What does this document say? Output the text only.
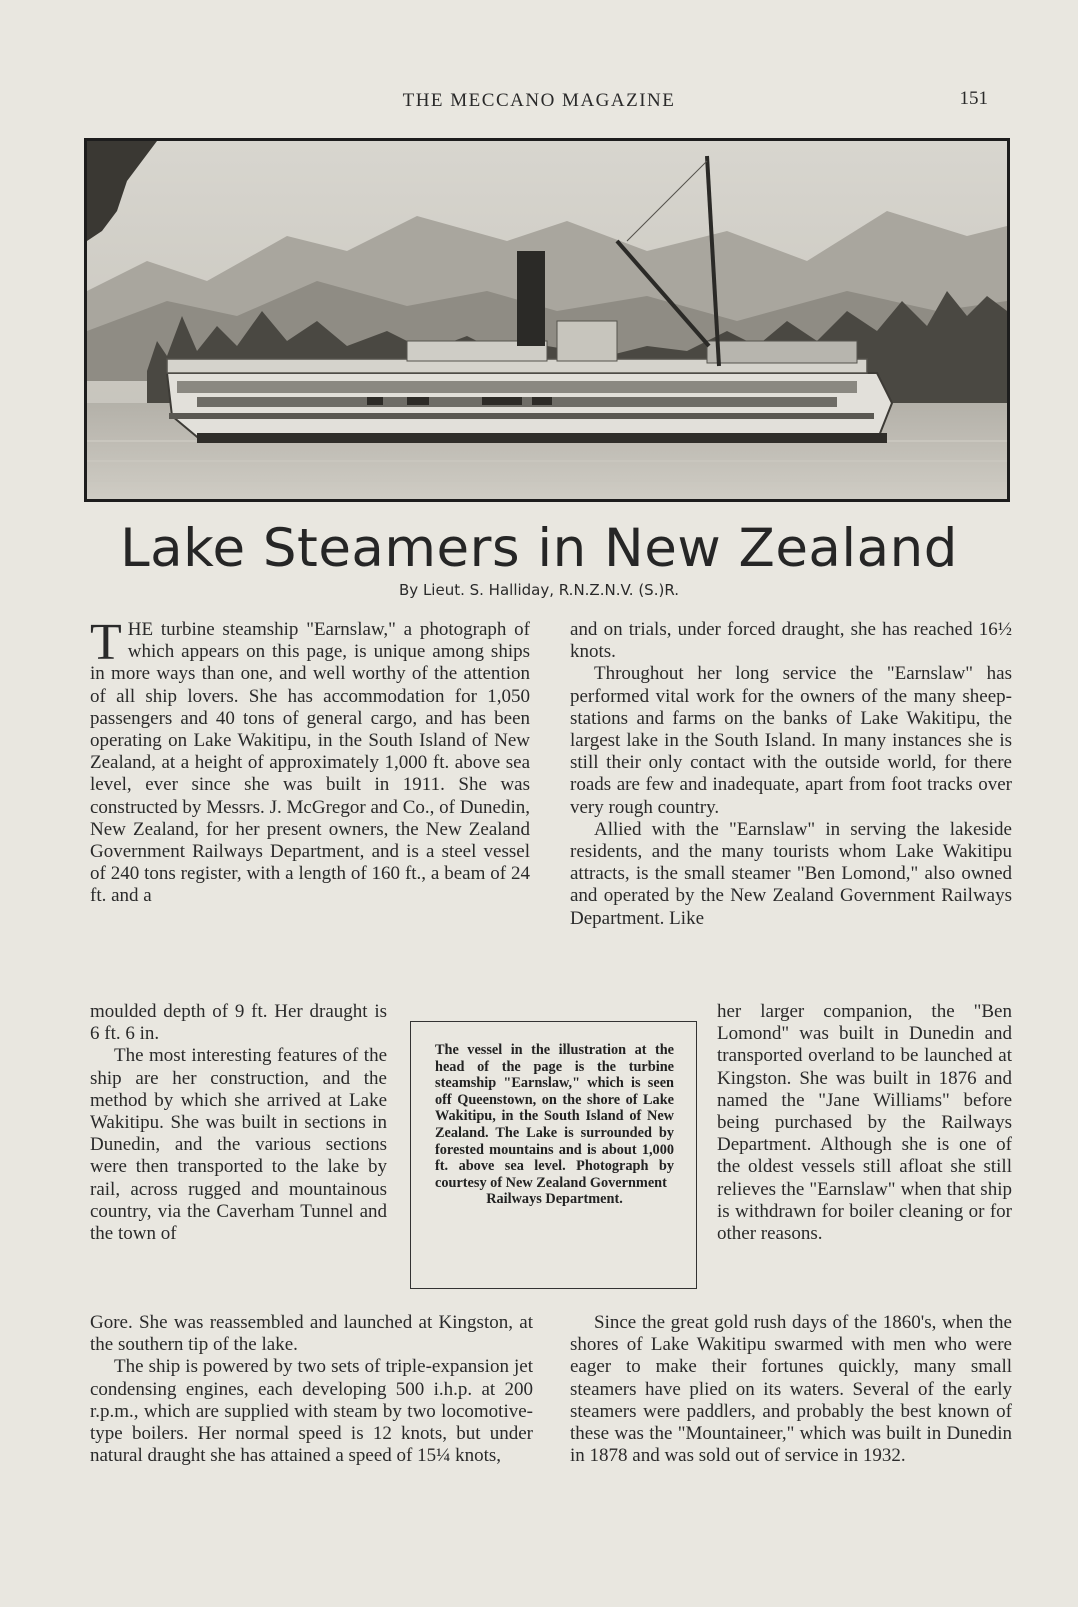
THE MECCANO MAGAZINE	151
Lake Steamers in New Zealand
By Lieut. S. Halliday, R.N.Z.N.V. (S.)R.

THE turbine steamship "Earnslaw," a photograph of which appears on this page, is unique among ships in more ways than one, and well worthy of the attention of all ship lovers. She has accommodation for 1,050 passengers and 40 tons of general cargo, and has been operating on Lake Wakitipu, in the South Island of New Zealand, at a height of approximately 1,000 ft. above sea level, ever since she was built in 1911. She was constructed by Messrs. J. McGregor and Co., of Dunedin, New Zealand, for her present owners, the New Zealand Government Railways Department, and is a steel vessel of 240 tons register, with a length of 160 ft., a beam of 24 ft. and a

moulded depth of 9 ft. Her draught is 6 ft. 6 in.

The most interesting features of the ship are her construction, and the method by which she arrived at Lake Wakitipu. She was built in sections in Dunedin, and the various sections were then transported to the lake by rail, across rugged and mountainous country, via the Caverham Tunnel and the town of

Gore. She was reassembled and launched at Kingston, at the southern tip of the lake.

The ship is powered by two sets of triple-expansion jet condensing engines, each developing 500 i.h.p. at 200 r.p.m., which are supplied with steam by two locomotive-type boilers. Her normal speed is 12 knots, but under natural draught she has attained a speed of 15¼ knots,

and on trials, under forced draught, she has reached 16½ knots.

Throughout her long service the "Earnslaw" has performed vital work for the owners of the many sheep-stations and farms on the banks of Lake Wakitipu, the largest lake in the South Island. In many instances she is still their only contact with the outside world, for there roads are few and inadequate, apart from foot tracks over very rough country.

Allied with the "Earnslaw" in serving the lakeside residents, and the many tourists whom Lake Wakitipu attracts, is the small steamer "Ben Lomond," also owned and operated by the New Zealand Government Railways Department. Like

her larger companion, the "Ben Lomond" was built in Dunedin and transported overland to be launched at Kingston. She was built in 1876 and named the "Jane Williams" before being purchased by the Railways Department. Although she is one of the oldest vessels still afloat she still relieves the "Earnslaw" when that ship is withdrawn for boiler cleaning or for other reasons.

Since the great gold rush days of the 1860's, when the shores of Lake Wakitipu swarmed with men who were eager to make their fortunes quickly, many small steamers have plied on its waters. Several of the early steamers were paddlers, and probably the best known of these was the "Mountaineer," which was built in Dunedin in 1878 and was sold out of service in 1932.

The vessel in the illustration at the head of the page is the turbine steamship "Earnslaw," which is seen off Queenstown, on the shore of Lake Wakitipu, in the South Island of New Zealand. The Lake is surrounded by forested mountains and is about 1,000 ft. above sea level. Photograph by courtesy of New Zealand Government
Railways Department.
